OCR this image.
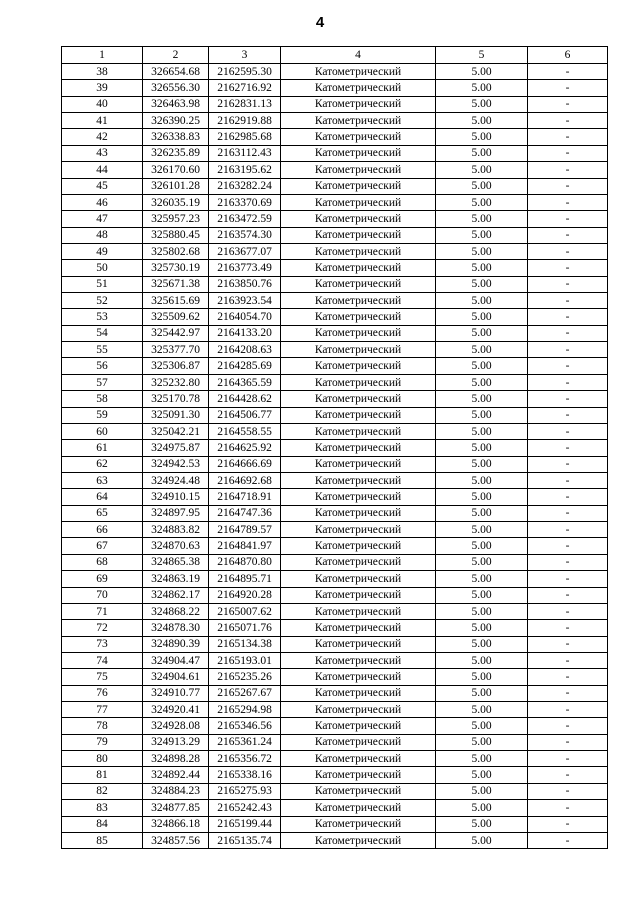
4
1	2	3	4	5	6
38	326654.68	2162595.30	Катометрический	5.00	-
39	326556.30	2162716.92	Катометрический	5.00	-
40	326463.98	2162831.13	Катометрический	5.00	-
41	326390.25	2162919.88	Катометрический	5.00	-
42	326338.83	2162985.68	Катометрический	5.00	-
43	326235.89	2163112.43	Катометрический	5.00	-
44	326170.60	2163195.62	Катометрический	5.00	-
45	326101.28	2163282.24	Катометрический	5.00	-
46	326035.19	2163370.69	Катометрический	5.00	-
47	325957.23	2163472.59	Катометрический	5.00	-
48	325880.45	2163574.30	Катометрический	5.00	-
49	325802.68	2163677.07	Катометрический	5.00	-
50	325730.19	2163773.49	Катометрический	5.00	-
51	325671.38	2163850.76	Катометрический	5.00	-
52	325615.69	2163923.54	Катометрический	5.00	-
53	325509.62	2164054.70	Катометрический	5.00	-
54	325442.97	2164133.20	Катометрический	5.00	-
55	325377.70	2164208.63	Катометрический	5.00	-
56	325306.87	2164285.69	Катометрический	5.00	-
57	325232.80	2164365.59	Катометрический	5.00	-
58	325170.78	2164428.62	Катометрический	5.00	-
59	325091.30	2164506.77	Катометрический	5.00	-
60	325042.21	2164558.55	Катометрический	5.00	-
61	324975.87	2164625.92	Катометрический	5.00	-
62	324942.53	2164666.69	Катометрический	5.00	-
63	324924.48	2164692.68	Катометрический	5.00	-
64	324910.15	2164718.91	Катометрический	5.00	-
65	324897.95	2164747.36	Катометрический	5.00	-
66	324883.82	2164789.57	Катометрический	5.00	-
67	324870.63	2164841.97	Катометрический	5.00	-
68	324865.38	2164870.80	Катометрический	5.00	-
69	324863.19	2164895.71	Катометрический	5.00	-
70	324862.17	2164920.28	Катометрический	5.00	-
71	324868.22	2165007.62	Катометрический	5.00	-
72	324878.30	2165071.76	Катометрический	5.00	-
73	324890.39	2165134.38	Катометрический	5.00	-
74	324904.47	2165193.01	Катометрический	5.00	-
75	324904.61	2165235.26	Катометрический	5.00	-
76	324910.77	2165267.67	Катометрический	5.00	-
77	324920.41	2165294.98	Катометрический	5.00	-
78	324928.08	2165346.56	Катометрический	5.00	-
79	324913.29	2165361.24	Катометрический	5.00	-
80	324898.28	2165356.72	Катометрический	5.00	-
81	324892.44	2165338.16	Катометрический	5.00	-
82	324884.23	2165275.93	Катометрический	5.00	-
83	324877.85	2165242.43	Катометрический	5.00	-
84	324866.18	2165199.44	Катометрический	5.00	-
85	324857.56	2165135.74	Катометрический	5.00	-
